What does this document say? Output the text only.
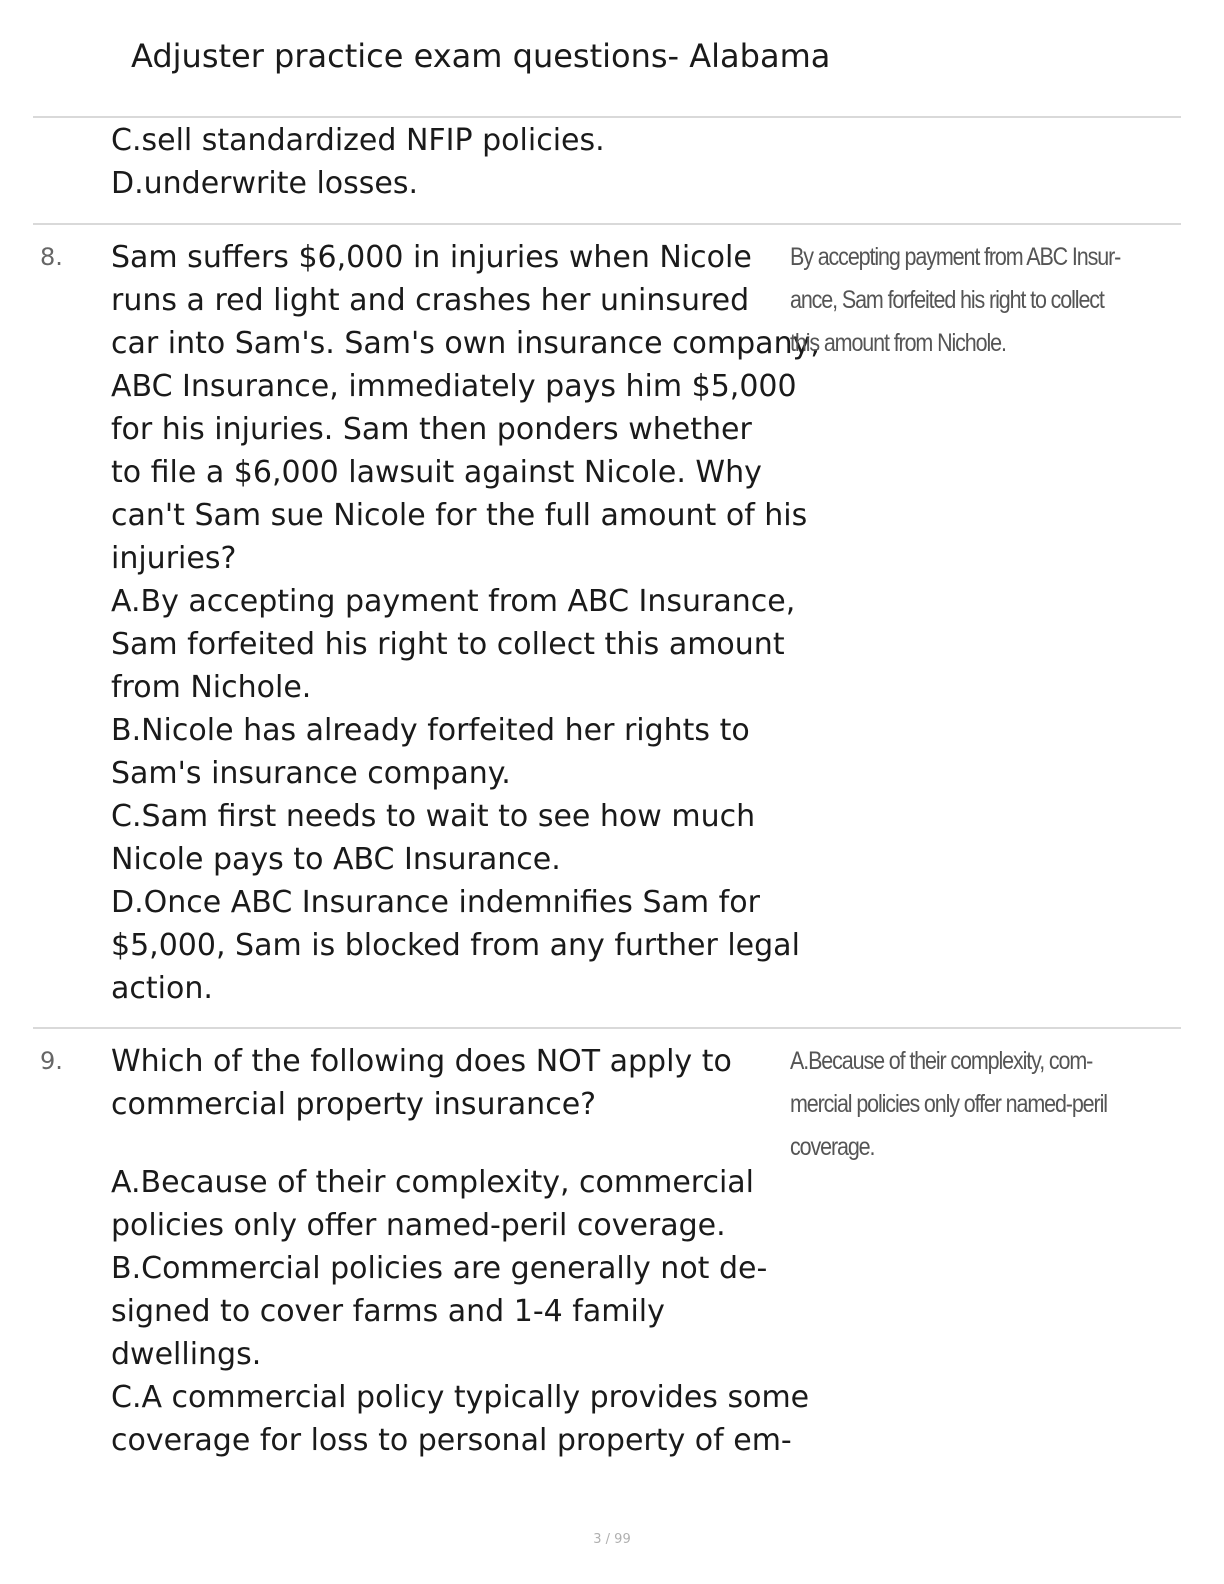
Adjuster practice exam questions- Alabama
C.sell standardized NFIP policies.
D.underwrite losses.
8. Sam suffers $6,000 in injuries when Nicole
runs a red light and crashes her uninsured
car into Sam's. Sam's own insurance company,
ABC Insurance, immediately pays him $5,000
for his injuries. Sam then ponders whether
to file a $6,000 lawsuit against Nicole. Why
can't Sam sue Nicole for the full amount of his
injuries?
A.By accepting payment from ABC Insurance,
Sam forfeited his right to collect this amount
from Nichole.
B.Nicole has already forfeited her rights to
Sam's insurance company.
C.Sam first needs to wait to see how much
Nicole pays to ABC Insurance.
D.Once ABC Insurance indemnifies Sam for
$5,000, Sam is blocked from any further legal
action.
By accepting payment from ABC Insur-
ance, Sam forfeited his right to collect
this amount from Nichole.
9. Which of the following does NOT apply to
commercial property insurance?
A.Because of their complexity, commercial
policies only offer named-peril coverage.
B.Commercial policies are generally not de-
signed to cover farms and 1-4 family
dwellings.
C.A commercial policy typically provides some
coverage for loss to personal property of em-
A.Because of their complexity, com-
mercial policies only offer named-peril
coverage.
3 / 99
